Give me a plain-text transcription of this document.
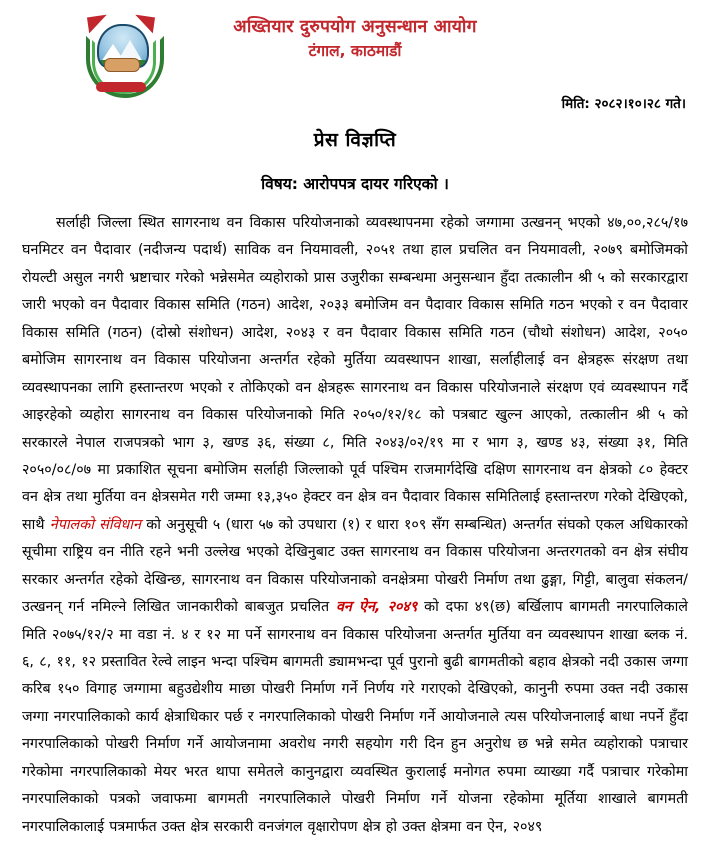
अख्तियार दुरुपयोग अनुसन्धान आयोग
टंगाल, काठमाडौं
मिति: २०८२।१०।२८ गते।
प्रेस विज्ञप्ति
विषय: आरोपपत्र दायर गरिएको ।
सर्लाही जिल्ला स्थित सागरनाथ वन विकास परियोजनाको व्यवस्थापनमा रहेको जग्गामा उत्खनन् भएको ४७,००,२८५/१७ घनमिटर वन पैदावार (नदीजन्य पदार्थ) साविक वन नियमावली, २०५१ तथा हाल प्रचलित वन नियमावली, २०७९ बमोजिमको रोयल्टी असुल नगरी भ्रष्टाचार गरेको भन्नेसमेत व्यहोराको प्रास उजुरीका सम्बन्धमा अनुसन्धान हुँदा तत्कालीन श्री ५ को सरकारद्वारा जारी भएको वन पैदावार विकास समिति (गठन) आदेश, २०३३ बमोजिम वन पैदावार विकास समिति गठन भएको र वन पैदावार विकास समिति (गठन) (दोस्रो संशोधन) आदेश, २०४३ र वन पैदावार विकास समिति गठन (चौथो संशोधन) आदेश, २०५० बमोजिम सागरनाथ वन विकास परियोजना अन्तर्गत रहेको मुर्तिया व्यवस्थापन शाखा, सर्लाहीलाई वन क्षेत्रहरू संरक्षण तथा व्यवस्थापनका लागि हस्तान्तरण भएको र तोकिएको वन क्षेत्रहरू सागरनाथ वन विकास परियोजनाले संरक्षण एवं व्यवस्थापन गर्दै आइरहेको व्यहोरा सागरनाथ वन विकास परियोजनाको मिति २०५०/१२/१८ को पत्रबाट खुल्न आएको, तत्कालीन श्री ५ को सरकारले नेपाल राजपत्रको भाग ३, खण्ड ३६, संख्या ८, मिति २०४३/०२/१९ मा र भाग ३, खण्ड ४३, संख्या ३१, मिति २०५०/०८/०७ मा प्रकाशित सूचना बमोजिम सर्लाही जिल्लाको पूर्व पश्चिम राजमार्गदेखि दक्षिण सागरनाथ वन क्षेत्रको ८० हेक्टर वन क्षेत्र तथा मुर्तिया वन क्षेत्रसमेत गरी जम्मा १३,३५० हेक्टर वन क्षेत्र वन पैदावार विकास समितिलाई हस्तान्तरण गरेको देखिएको, साथै नेपालको संविधान को अनुसूची ५ (धारा ५७ को उपधारा (१) र धारा १०९ सँग सम्बन्धित) अन्तर्गत संघको एकल अधिकारको सूचीमा राष्ट्रिय वन नीति रहने भनी उल्लेख भएको देखिनुबाट उक्त सागरनाथ वन विकास परियोजना अन्तरगतको वन क्षेत्र संघीय सरकार अन्तर्गत रहेको देखिन्छ, सागरनाथ वन विकास परियोजनाको वनक्षेत्रमा पोखरी निर्माण तथा ढुङ्गा, गिट्टी, बालुवा संकलन/उत्खनन् गर्न नमिल्ने लिखित जानकारीको बाबजुत प्रचलित वन ऐन, २०४९ को दफा ४९(छ) बर्खिलाप बागमती नगरपालिकाले मिति २०७५/१२/२ मा वडा नं. ४ र १२ मा पर्ने सागरनाथ वन विकास परियोजना अन्तर्गत मुर्तिया वन व्यवस्थापन शाखा ब्लक नं. ६, ८, ११, १२ प्रस्तावित रेल्वे लाइन भन्दा पश्चिम बागमती ड्यामभन्दा पूर्व पुरानो बुढी बागमतीको बहाव क्षेत्रको नदी उकास जग्गा करिब १५० विगाह जग्गामा बहुउद्येशीय माछा पोखरी निर्माण गर्ने निर्णय गरे गराएको देखिएको, कानुनी रुपमा उक्त नदी उकास जग्गा नगरपालिकाको कार्य क्षेत्राधिकार पर्छ र नगरपालिकाको पोखरी निर्माण गर्ने आयोजनाले त्यस परियोजनालाई बाधा नपर्ने हुँदा नगरपालिकाको पोखरी निर्माण गर्ने आयोजनामा अवरोध नगरी सहयोग गरी दिन हुन अनुरोध छ भन्ने समेत व्यहोराको पत्राचार गरेकोमा नगरपालिकाको मेयर भरत थापा समेतले कानुनद्वारा व्यवस्थित कुरालाई मनोगत रुपमा व्याख्या गर्दै पत्राचार गरेकोमा नगरपालिकाको पत्रको जवाफमा बागमती नगरपालिकाले पोखरी निर्माण गर्ने योजना रहेकोमा मूर्तिया शाखाले बागमती नगरपालिकालाई पत्रमार्फत उक्त क्षेत्र सरकारी वनजंगल वृक्षारोपण क्षेत्र हो उक्त क्षेत्रमा वन ऐन, २०४९
